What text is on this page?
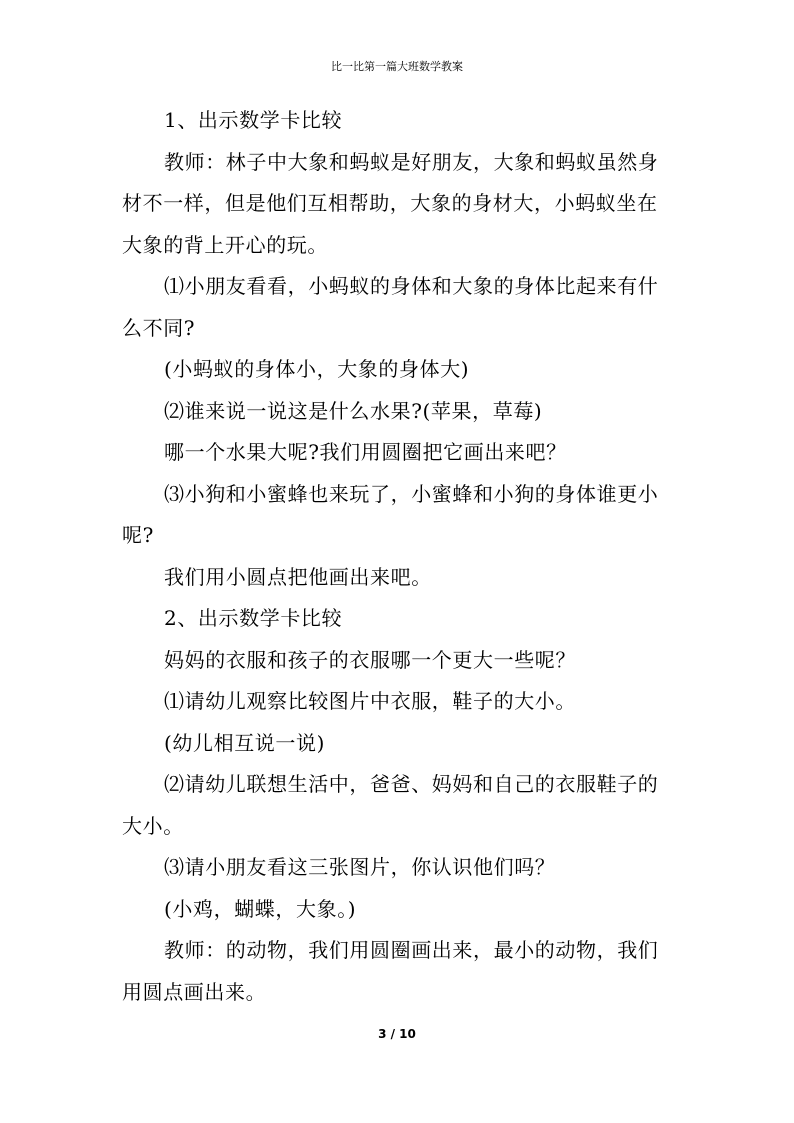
比一比第一篇大班数学教案

1、出示数学卡比较

教师：林子中大象和蚂蚁是好朋友，大象和蚂蚁虽然身材不一样，但是他们互相帮助，大象的身材大，小蚂蚁坐在大象的背上开心的玩。

⑴小朋友看看，小蚂蚁的身体和大象的身体比起来有什么不同?

(小蚂蚁的身体小，大象的身体大)

⑵谁来说一说这是什么水果?(苹果，草莓)

哪一个水果大呢?我们用圆圈把它画出来吧？

⑶小狗和小蜜蜂也来玩了，小蜜蜂和小狗的身体谁更小呢?

我们用小圆点把他画出来吧。

2、出示数学卡比较

妈妈的衣服和孩子的衣服哪一个更大一些呢？

⑴请幼儿观察比较图片中衣服，鞋子的大小。

(幼儿相互说一说)

⑵请幼儿联想生活中，爸爸、妈妈和自己的衣服鞋子的大小。

⑶请小朋友看这三张图片，你认识他们吗？

(小鸡，蝴蝶，大象。)

教师：的动物，我们用圆圈画出来，最小的动物，我们用圆点画出来。

3 / 10
